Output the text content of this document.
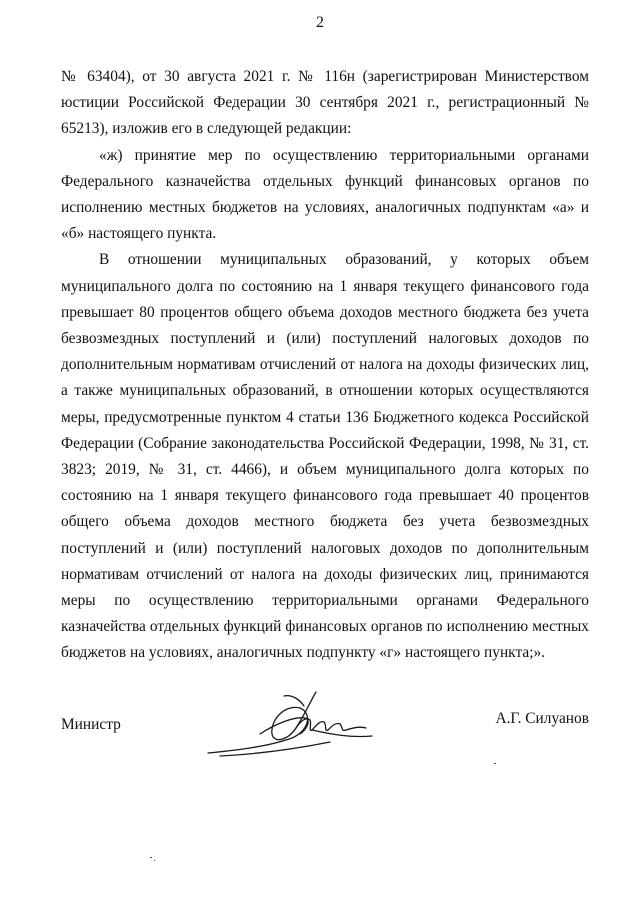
2

№ 63404), от 30 августа 2021 г. № 116н (зарегистрирован Министерством юстиции Российской Федерации 30 сентября 2021 г., регистрационный № 65213), изложив его в следующей редакции:

«ж) принятие мер по осуществлению территориальными органами Федерального казначейства отдельных функций финансовых органов по исполнению местных бюджетов на условиях, аналогичных подпунктам «а» и «б» настоящего пункта.

В отношении муниципальных образований, у которых объем муниципального долга по состоянию на 1 января текущего финансового года превышает 80 процентов общего объема доходов местного бюджета без учета безвозмездных поступлений и (или) поступлений налоговых доходов по дополнительным нормативам отчислений от налога на доходы физических лиц, а также муниципальных образований, в отношении которых осуществляются меры, предусмотренные пунктом 4 статьи 136 Бюджетного кодекса Российской Федерации (Собрание законодательства Российской Федерации, 1998, № 31, ст. 3823; 2019, № 31, ст. 4466), и объем муниципального долга которых по состоянию на 1 января текущего финансового года превышает 40 процентов общего объема доходов местного бюджета без учета безвозмездных поступлений и (или) поступлений налоговых доходов по дополнительным нормативам отчислений от налога на доходы физических лиц, принимаются меры по осуществлению территориальными органами Федерального казначейства отдельных функций финансовых органов по исполнению местных бюджетов на условиях, аналогичных подпункту «г» настоящего пункта;».

Министр	А.Г. Силуанов
